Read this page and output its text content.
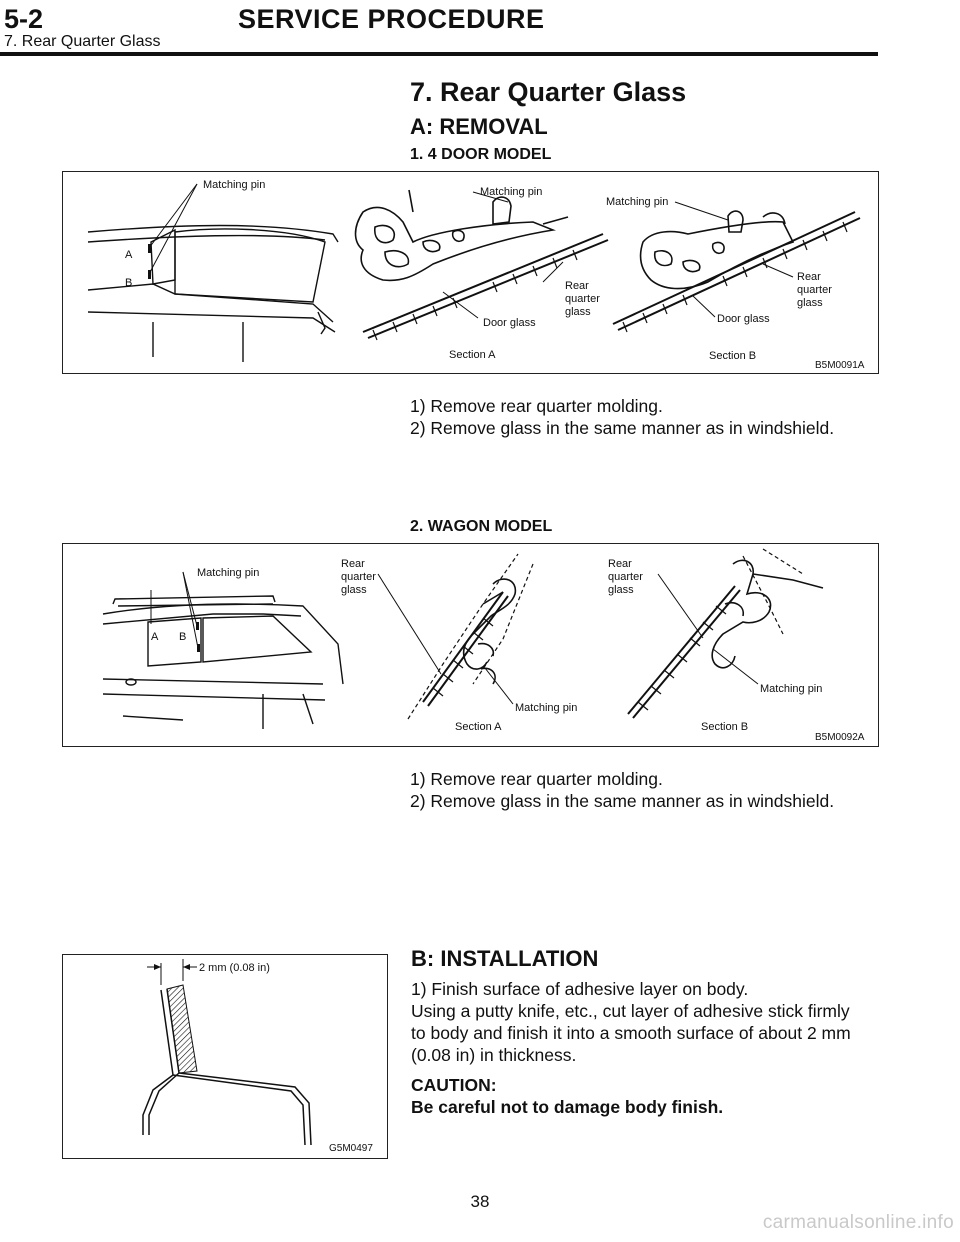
5-2	SERVICE PROCEDURE
7. Rear Quarter Glass
7. Rear Quarter Glass
A: REMOVAL
1. 4 DOOR MODEL
Matching pin
A
B
Matching pin
Rear
quarter
glass
Door glass
Section A
Matching pin
Rear
quarter
glass
Door glass
Section B
B5M0091A
1) Remove rear quarter molding.
2) Remove glass in the same manner as in windshield.
2. WAGON MODEL
Matching pin
A B
Rear
quarter
glass
Matching pin
Section A
Rear
quarter
glass
Matching pin
Section B
B5M0092A
1) Remove rear quarter molding.
2) Remove glass in the same manner as in windshield.
2 mm (0.08 in)
G5M0497
B: INSTALLATION

1) Finish surface of adhesive layer on body.

Using a putty knife, etc., cut layer of adhesive stick firmly

to body and finish it into a smooth surface of about 2 mm

(0.08 in) in thickness.

CAUTION:

Be careful not to damage body finish.

38
carmanualsonline.info
